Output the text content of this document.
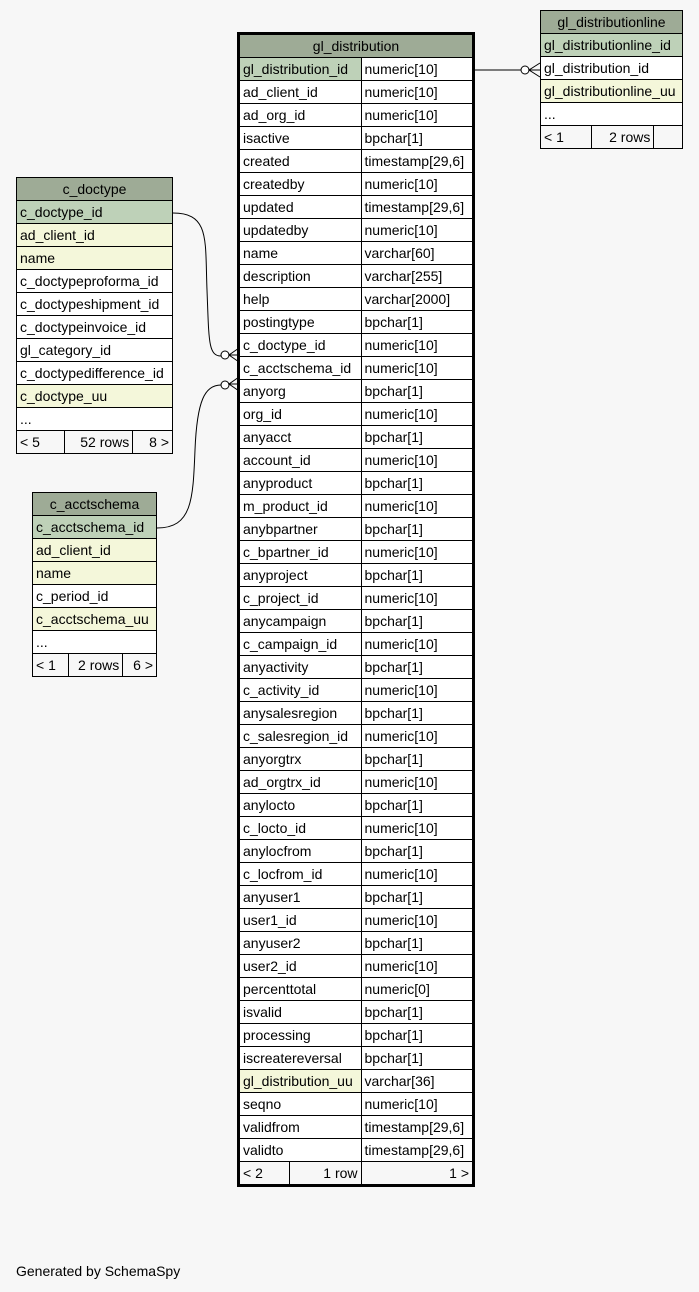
gl_distribution	
gl_distribution_id	numeric[10]
ad_client_id	numeric[10]
ad_org_id	numeric[10]
isactive	bpchar[1]
created	timestamp[29,6]
createdby	numeric[10]
updated	timestamp[29,6]
updatedby	numeric[10]
name	varchar[60]
description	varchar[255]
help	varchar[2000]
postingtype	bpchar[1]
c_doctype_id	numeric[10]
c_acctschema_id	numeric[10]
anyorg	bpchar[1]
org_id	numeric[10]
anyacct	bpchar[1]
account_id	numeric[10]
anyproduct	bpchar[1]
m_product_id	numeric[10]
anybpartner	bpchar[1]
c_bpartner_id	numeric[10]
anyproject	bpchar[1]
c_project_id	numeric[10]
anycampaign	bpchar[1]
c_campaign_id	numeric[10]
anyactivity	bpchar[1]
c_activity_id	numeric[10]
anysalesregion	bpchar[1]
c_salesregion_id	numeric[10]
anyorgtrx	bpchar[1]
ad_orgtrx_id	numeric[10]
anylocto	bpchar[1]
c_locto_id	numeric[10]
anylocfrom	bpchar[1]
c_locfrom_id	numeric[10]
anyuser1	bpchar[1]
user1_id	numeric[10]
anyuser2	bpchar[1]
user2_id	numeric[10]
percenttotal	numeric[0]
isvalid	bpchar[1]
processing	bpchar[1]
iscreatereversal	bpchar[1]
gl_distribution_uu	varchar[36]
seqno	numeric[10]
validfrom	timestamp[29,6]
validto	timestamp[29,6]

< 2 1 row	1 >
gl_distributionline
gl_distributionline_id
gl_distribution_id
gl_distributionline_uu
...
< 1	2 rows	
c_doctype
c_doctype_id
ad_client_id
name
c_doctypeproforma_id
c_doctypeshipment_id
c_doctypeinvoice_id
gl_category_id
c_doctypedifference_id
c_doctype_uu
...
< 5	52 rows	8 >
c_acctschema
c_acctschema_id
ad_client_id
name
c_period_id
c_acctschema_uu
...
< 1	2 rows	6 >
Generated by SchemaSpy
